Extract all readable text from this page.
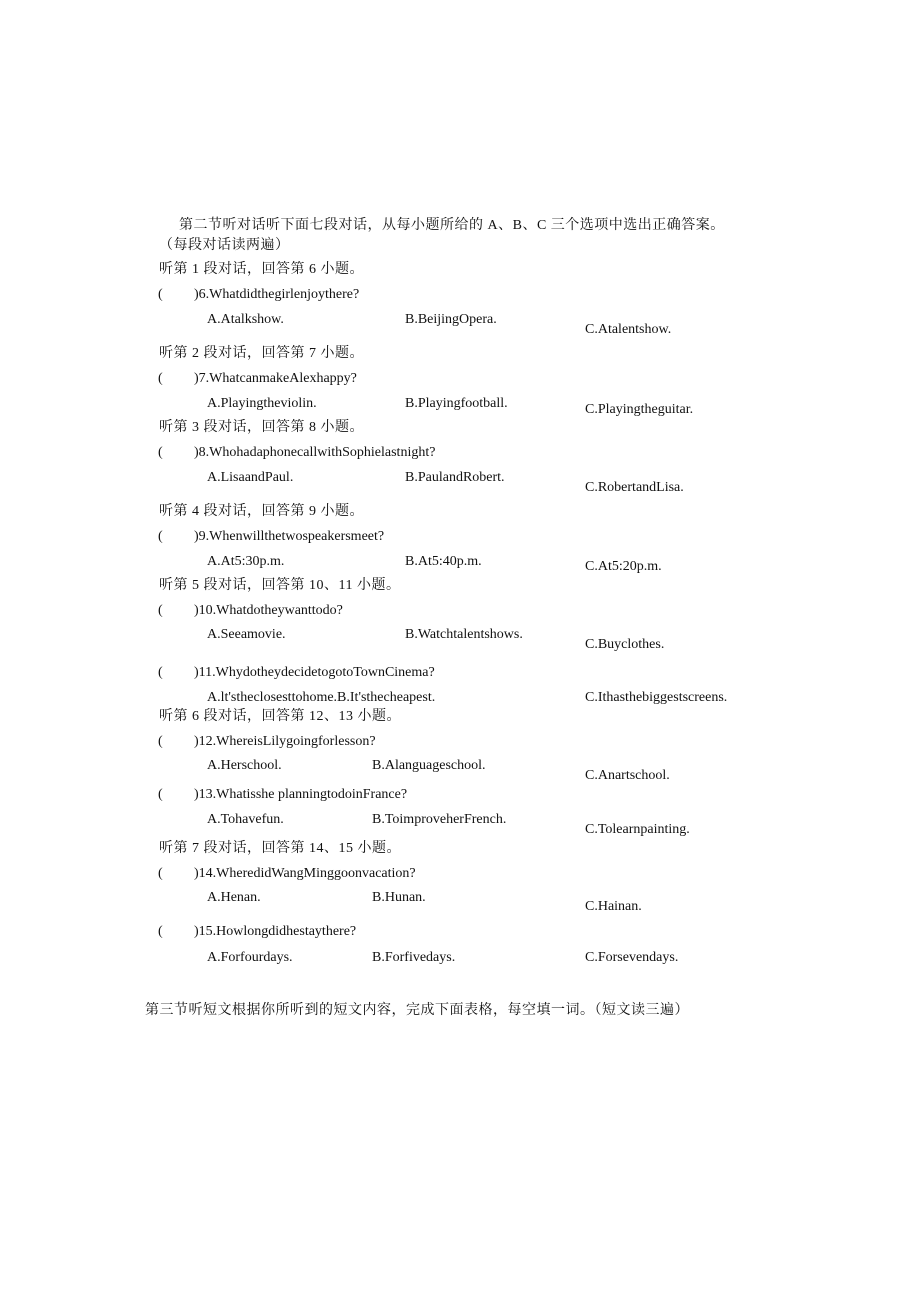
第二节听对话听下面七段对话，从每小题所给的 A、B、C 三个选项中选出正确答案。
（每段对话读两遍）
听第 1 段对话，回答第 6 小题。
( )6.Whatdidthegirlenjoythere?
A.Atalkshow.	B.BeijingOpera.
C.Atalentshow.
听第 2 段对话，回答第 7 小题。
( )7.WhatcanmakeAlexhappy?
A.Playingtheviolin.	B.Playingfootball.	C.Playingtheguitar.
听第 3 段对话，回答第 8 小题。
( )8.WhohadaphonecallwithSophielastnight?
A.LisaandPaul.	B.PaulandRobert.
C.RobertandLisa.
听第 4 段对话，回答第 9 小题。
( )9.Whenwillthetwospeakersmeet?
A.At5:30p.m.	B.At5:40p.m.	C.At5:20p.m.
听第 5 段对话，回答第 10、11 小题。
( )10.Whatdotheywanttodo?
A.Seeamovie.	B.Watchtalentshows.
C.Buyclothes.
( )11.WhydotheydecidetogotoTownCinema?
A.lt'stheclosesttohome.B.It'sthecheapest.	C.Ithasthebiggestscreens.
听第 6 段对话，回答第 12、13 小题。
( )12.WhereisLilygoingforlesson?
A.Herschool.	B.Alanguageschool.
C.Anartschool.
( )13.Whatisshe planningtodoinFrance?
A.Tohavefun.	B.ToimproveherFrench.
C.Tolearnpainting.
听第 7 段对话，回答第 14、15 小题。
( )14.WheredidWangMinggoonvacation?
A.Henan.	B.Hunan.
C.Hainan.
( )15.Howlongdidhestaythere?
A.Forfourdays.	B.Forfivedays.	C.Forsevendays.
第三节听短文根据你所听到的短文内容，完成下面表格，每空填一词。（短文读三遍）
